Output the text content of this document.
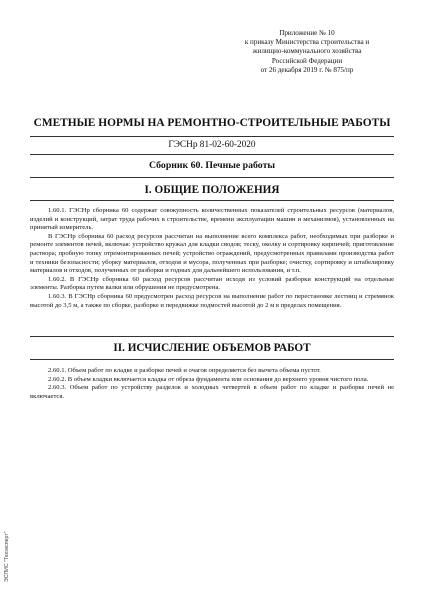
Приложение № 10
к приказу Министерства строительства и
жилищно-коммунального хозяйства
Российской Федерации
от 26 декабря 2019 г. № 875/пр
СМЕТНЫЕ НОРМЫ НА РЕМОНТНО-СТРОИТЕЛЬНЫЕ РАБОТЫ
ГЭСНр 81-02-60-2020
Сборник 60. Печные работы
I. ОБЩИЕ ПОЛОЖЕНИЯ

1.60.1. ГЭСНр сборника 60 содержат совокупность количественных показателей строительных ресурсов (материалов, изделий и конструкций, затрат труда рабочих в строительстве, времени эксплуатации машин и механизмов), установленных на принятый измеритель.

В ГЭСНр сборника 60 расход ресурсов рассчитан на выполнение всего комплекса работ, необходимых при разборке и ремонте элементов печей, включая: устройство кружал для кладки сводов; теску, околку и сортировку кирпичей; приготовление раствора; пробную топку отремонтированных печей; устройство ограждений, предусмотренных правилами производства работ и техники безопасности; уборку материалов, отходов и мусора, полученных при разборке; очистку, сортировку и штабелировку материалов и отходов, полученных от разборки и годных для дальнейшего использования, и т.п.

1.60.2. В ГЭСНр сборника 60 расход ресурсов рассчитан исходя из условий разборки конструкций на отдельные элементы. Разборка путем валки или обрушения не предусмотрена.

1.60.3. В ГЭСНр сборника 60 предусмотрен расход ресурсов на выполнение работ по перестановке лестниц и стремянок высотой до 3,5 м, а также по сборке, разборке и передвижке подмостей высотой до 2 м в пределах помещения.

II. ИСЧИСЛЕНИЕ ОБЪЕМОВ РАБОТ

2.60.1. Объем работ по кладке и разборке печей и очагов определяется без вычета объема пустот.

2.60.2. В объем кладки включается кладка от обреза фундамента или основания до верхнего уровня чистого пола.

2.60.3. Объем работ по устройству разделок и холодных четвертей в объем работ по кладке и разборке печей не включается.

ЭСПИС "Техэксперт"
